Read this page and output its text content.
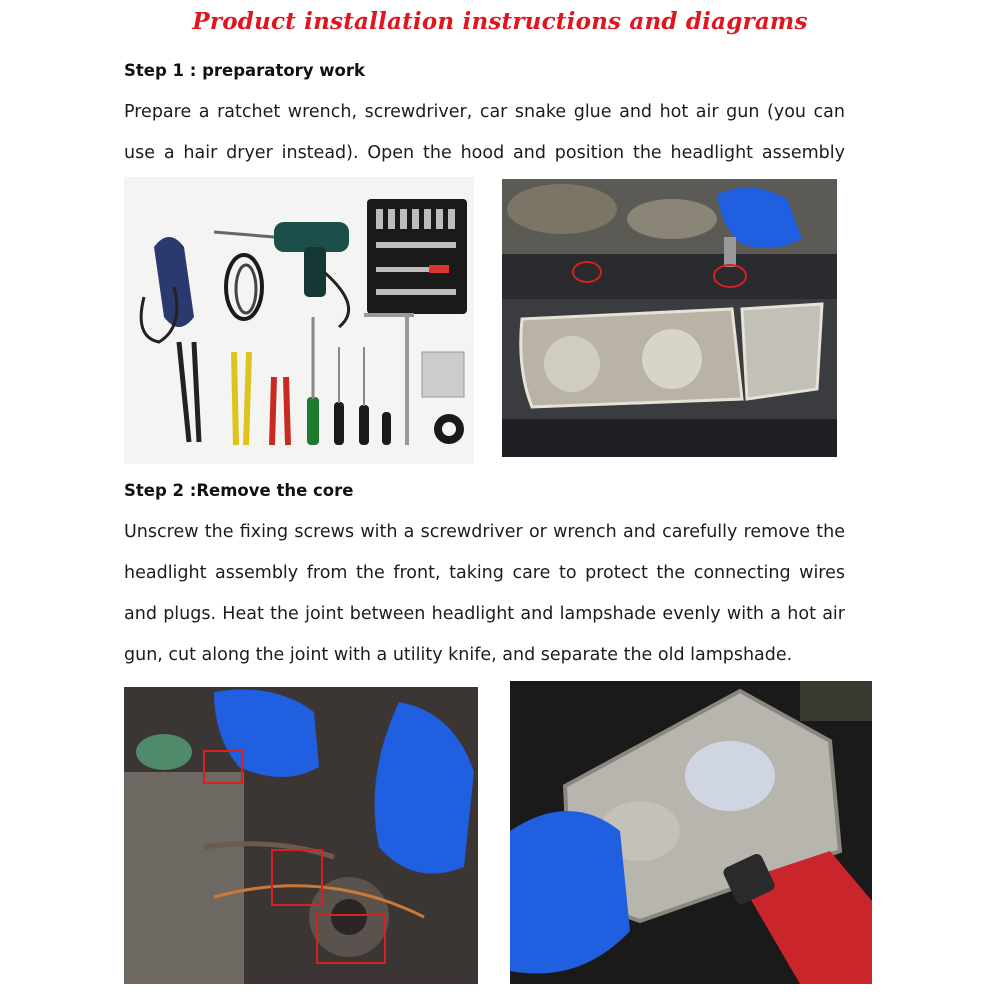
Product installation instructions and diagrams
Step 1 : preparatory work
Prepare a ratchet wrench, screwdriver, car snake glue and hot air gun (you can use a hair dryer instead). Open the hood and position the headlight assembly
Step 2 :Remove the core
Unscrew the fixing screws with a screwdriver or wrench and carefully remove the headlight assembly from the front, taking care to protect the connecting wires and plugs. Heat the joint between headlight and lampshade evenly with a hot air gun, cut along the joint with a utility knife, and separate the old lampshade.
